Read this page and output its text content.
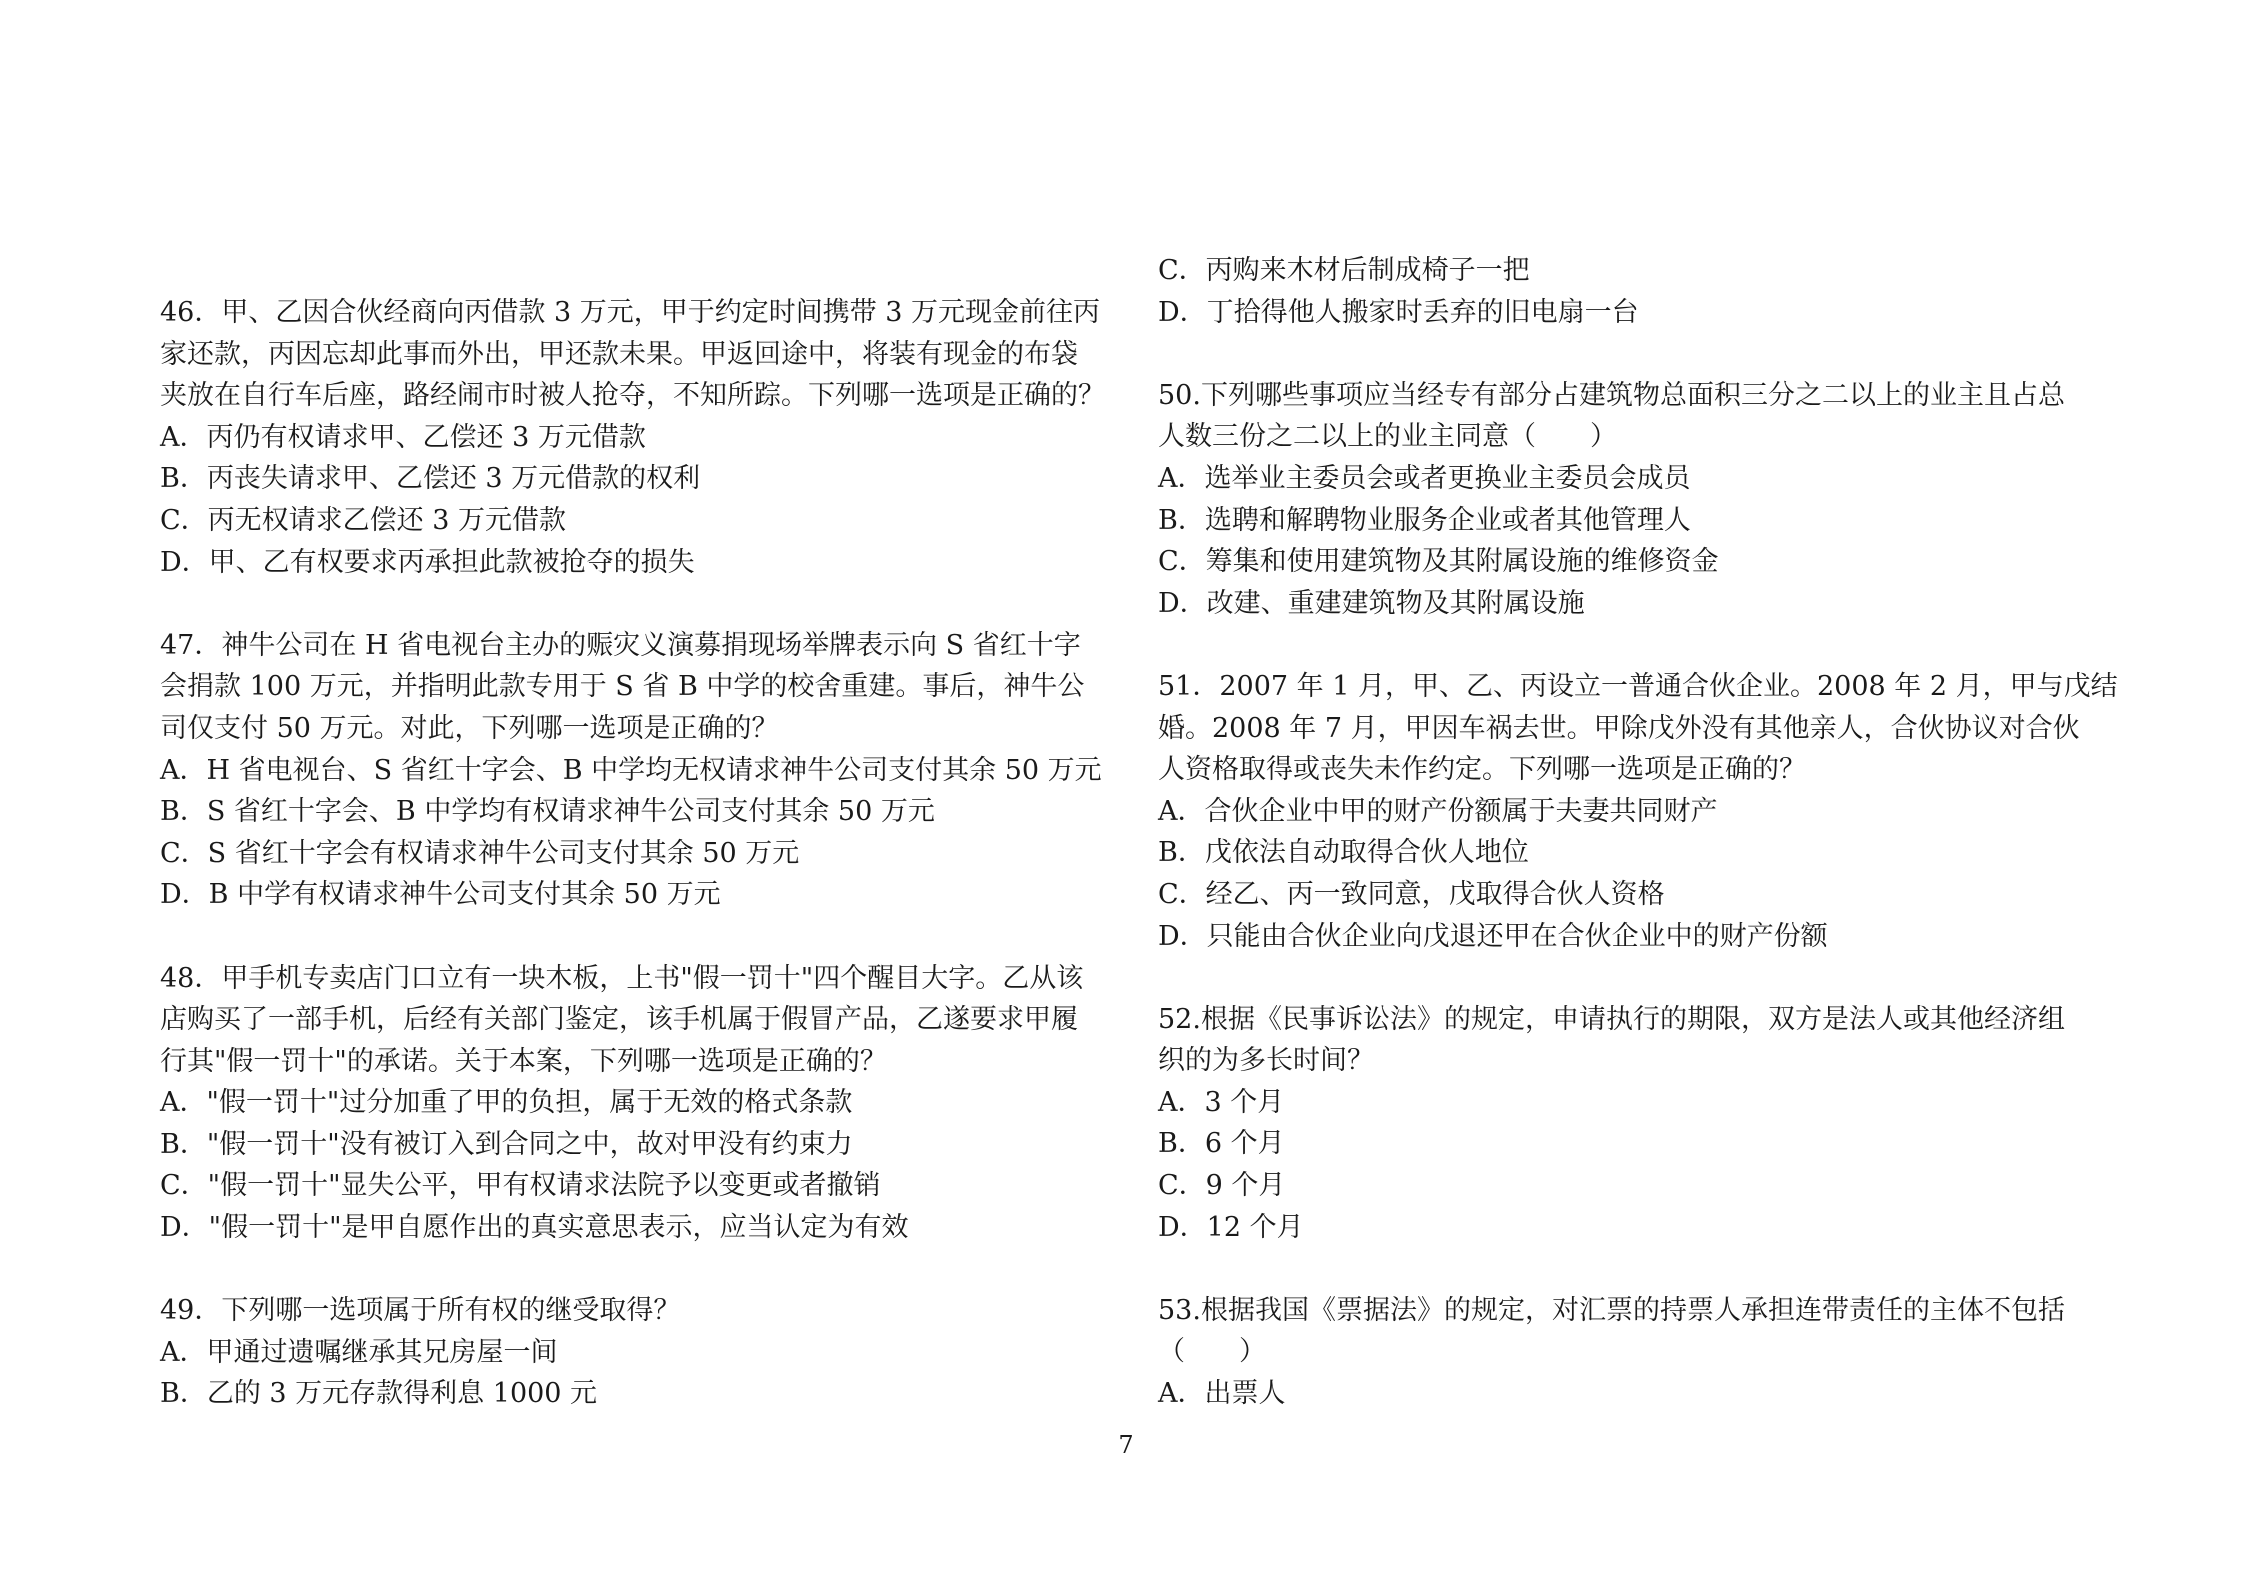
46．甲、乙因合伙经商向丙借款 3 万元，甲于约定时间携带 3 万元现金前往丙
家还款，丙因忘却此事而外出，甲还款未果。甲返回途中，将装有现金的布袋
夹放在自行车后座，路经闹市时被人抢夺，不知所踪。下列哪一选项是正确的？
A．丙仍有权请求甲、乙偿还 3 万元借款
B．丙丧失请求甲、乙偿还 3 万元借款的权利
C．丙无权请求乙偿还 3 万元借款
D．甲、乙有权要求丙承担此款被抢夺的损失
47．神牛公司在 H 省电视台主办的赈灾义演募捐现场举牌表示向 S 省红十字
会捐款 100 万元，并指明此款专用于 S 省 B 中学的校舍重建。事后，神牛公
司仅支付 50 万元。对此，下列哪一选项是正确的？
A．H 省电视台、S 省红十字会、B 中学均无权请求神牛公司支付其余 50 万元
B．S 省红十字会、B 中学均有权请求神牛公司支付其余 50 万元
C．S 省红十字会有权请求神牛公司支付其余 50 万元
D．B 中学有权请求神牛公司支付其余 50 万元
48．甲手机专卖店门口立有一块木板，上书"假一罚十"四个醒目大字。乙从该
店购买了一部手机，后经有关部门鉴定，该手机属于假冒产品，乙遂要求甲履
行其"假一罚十"的承诺。关于本案，下列哪一选项是正确的？
A．"假一罚十"过分加重了甲的负担，属于无效的格式条款
B．"假一罚十"没有被订入到合同之中，故对甲没有约束力
C．"假一罚十"显失公平，甲有权请求法院予以变更或者撤销
D．"假一罚十"是甲自愿作出的真实意思表示，应当认定为有效
49．下列哪一选项属于所有权的继受取得？
A．甲通过遗嘱继承其兄房屋一间
B．乙的 3 万元存款得利息 1000 元
C．丙购来木材后制成椅子一把
D．丁拾得他人搬家时丢弃的旧电扇一台
50.下列哪些事项应当经专有部分占建筑物总面积三分之二以上的业主且占总
人数三份之二以上的业主同意（　　）
A．选举业主委员会或者更换业主委员会成员
B．选聘和解聘物业服务企业或者其他管理人
C．筹集和使用建筑物及其附属设施的维修资金
D．改建、重建建筑物及其附属设施
51．2007 年 1 月，甲、乙、丙设立一普通合伙企业。2008 年 2 月，甲与戊结
婚。2008 年 7 月，甲因车祸去世。甲除戊外没有其他亲人，合伙协议对合伙
人资格取得或丧失未作约定。下列哪一选项是正确的？
A．合伙企业中甲的财产份额属于夫妻共同财产
B．戊依法自动取得合伙人地位
C．经乙、丙一致同意，戊取得合伙人资格
D．只能由合伙企业向戊退还甲在合伙企业中的财产份额
52.根据《民事诉讼法》的规定，申请执行的期限，双方是法人或其他经济组
织的为多长时间？
A．3 个月
B．6 个月
C．9 个月
D．12 个月
53.根据我国《票据法》的规定，对汇票的持票人承担连带责任的主体不包括
（　　）
A．出票人
7
